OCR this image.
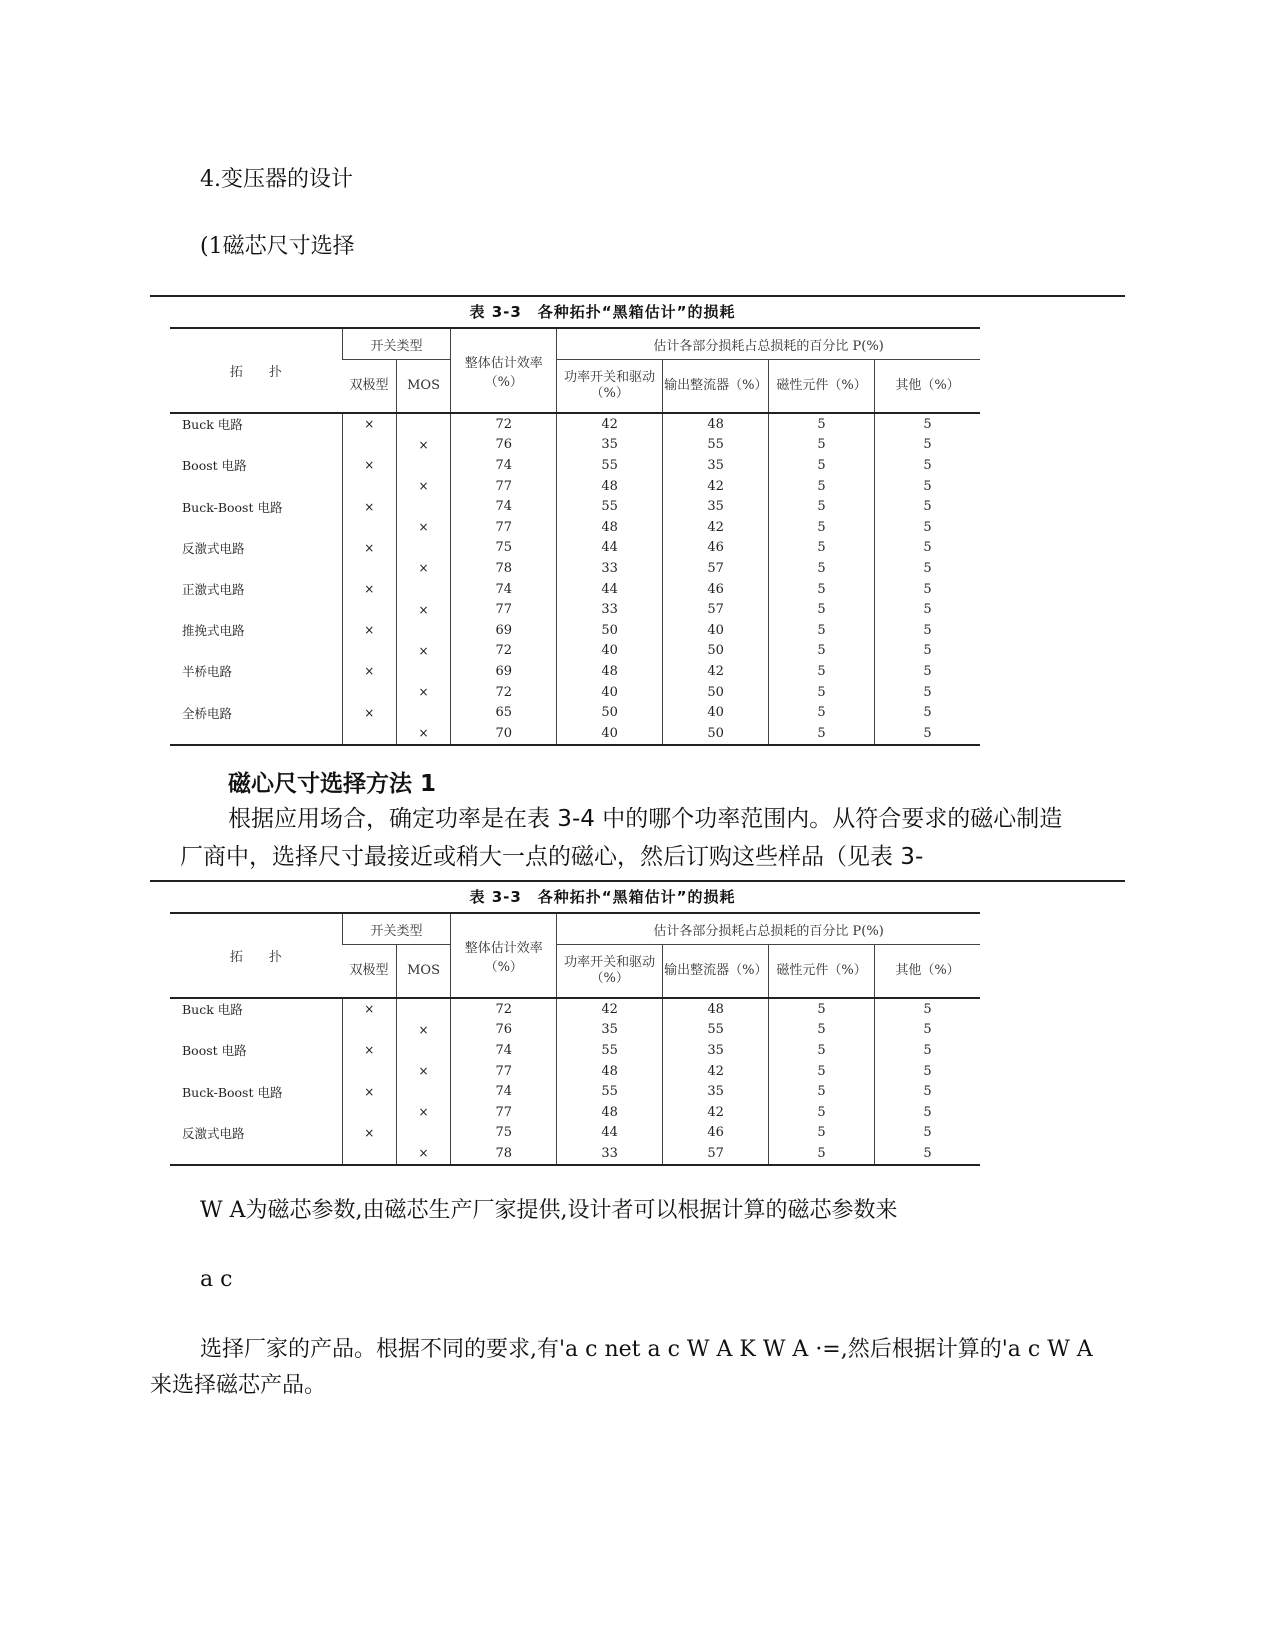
4.变压器的设计
(1磁芯尺寸选择
表 3-3　各种拓扑“黑箱估计”的损耗
拓　　扑	开关类型		整体估计效率（%）	估计各部分损耗占总损耗的百分比 P(%)			
	双极型	MOS		功率开关和驱动（%）	输出整流器（%）	磁性元件（%）	其他（%）
Buck 电路	×		72	42	48	5	5
		×	76	35	55	5	5
Boost 电路	×		74	55	35	5	5
		×	77	48	42	5	5
Buck-Boost 电路	×		74	55	35	5	5
		×	77	48	42	5	5
反激式电路	×		75	44	46	5	5
		×	78	33	57	5	5
正激式电路	×		74	44	46	5	5
		×	77	33	57	5	5
推挽式电路	×		69	50	40	5	5
		×	72	40	50	5	5
半桥电路	×		69	48	42	5	5
		×	72	40	50	5	5
全桥电路	×		65	50	40	5	5
		×	70	40	50	5	5
磁心尺寸选择方法 1
根据应用场合，确定功率是在表 3-4 中的哪个功率范围内。从符合要求的磁心制造厂商中，选择尺寸最接近或稍大一点的磁心，然后订购这些样品（见表 3-
表 3-3　各种拓扑“黑箱估计”的损耗
拓　　扑	开关类型		整体估计效率（%）	估计各部分损耗占总损耗的百分比 P(%)			
	双极型	MOS		功率开关和驱动（%）	输出整流器（%）	磁性元件（%）	其他（%）
Buck 电路	×		72	42	48	5	5
		×	76	35	55	5	5
Boost 电路	×		74	55	35	5	5
		×	77	48	42	5	5
Buck-Boost 电路	×		74	55	35	5	5
		×	77	48	42	5	5
反激式电路	×		75	44	46	5	5
		×	78	33	57	5	5
W A为磁芯参数,由磁芯生产厂家提供,设计者可以根据计算的磁芯参数来
a c
选择厂家的产品。根据不同的要求,有'a c net a c W A K W A ·=,然后根据计算的'a c W A 来选择磁芯产品。
